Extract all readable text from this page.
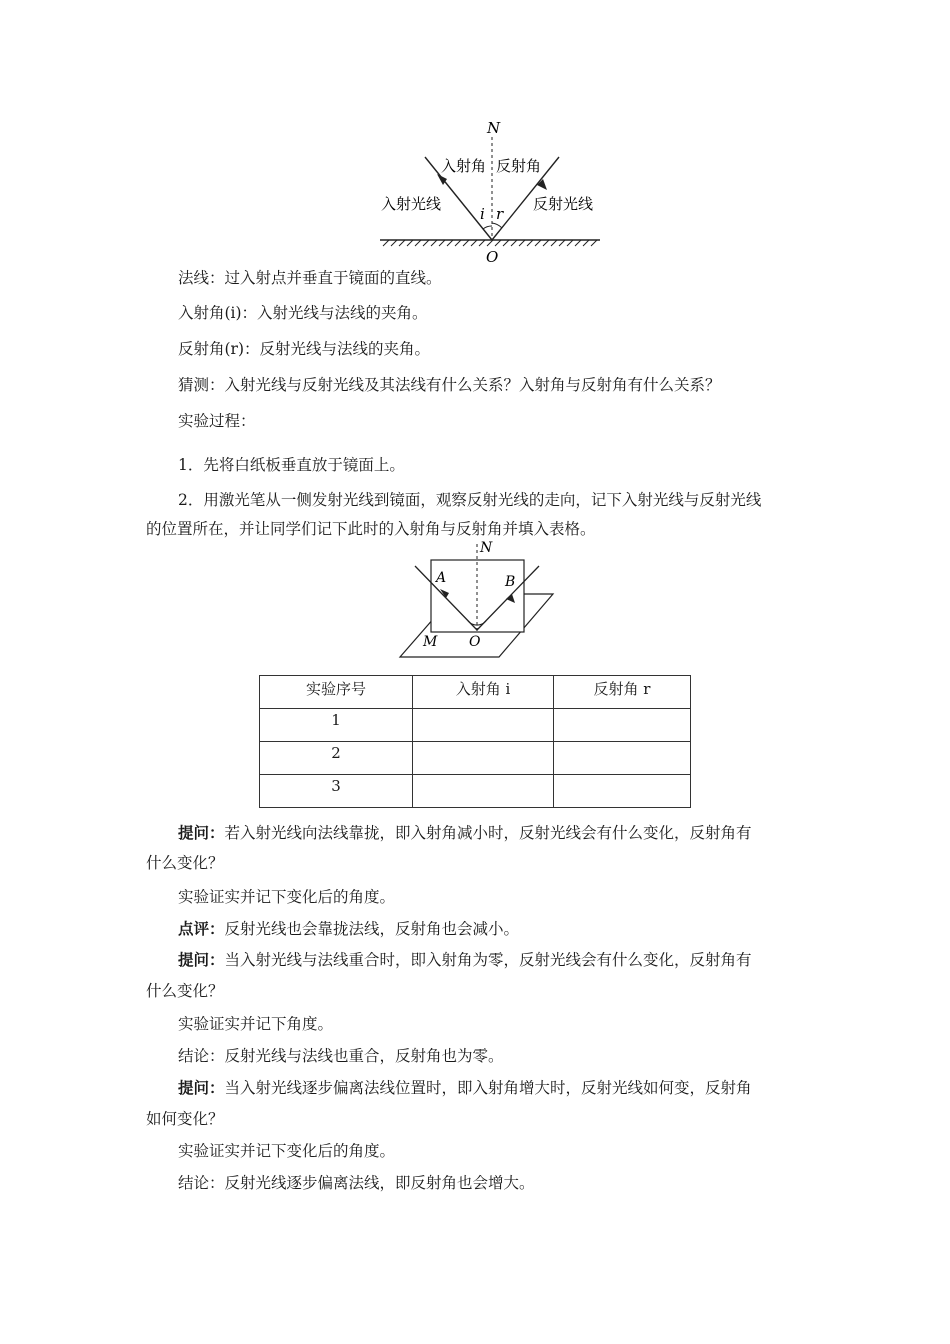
N
O
i r
入射角 反射角
入射光线	反射光线
法线：过入射点并垂直于镜面的直线。
入射角(i)：入射光线与法线的夹角。
反射角(r)：反射光线与法线的夹角。
猜测：入射光线与反射光线及其法线有什么关系？入射角与反射角有什么关系？
实验过程：
1．先将白纸板垂直放于镜面上。
2．用激光笔从一侧发射光线到镜面，观察反射光线的走向，记下入射光线与反射光线
的位置所在，并让同学们记下此时的入射角与反射角并填入表格。
N
A	B
M O
实验序号	入射角 i	反射角 r
1		
2		
3		
提问：若入射光线向法线靠拢，即入射角减小时，反射光线会有什么变化，反射角有
什么变化？
实验证实并记下变化后的角度。
点评：反射光线也会靠拢法线，反射角也会减小。
提问：当入射光线与法线重合时，即入射角为零，反射光线会有什么变化，反射角有
什么变化？
实验证实并记下角度。
结论：反射光线与法线也重合，反射角也为零。
提问：当入射光线逐步偏离法线位置时，即入射角增大时，反射光线如何变，反射角
如何变化？
实验证实并记下变化后的角度。
结论：反射光线逐步偏离法线，即反射角也会增大。
